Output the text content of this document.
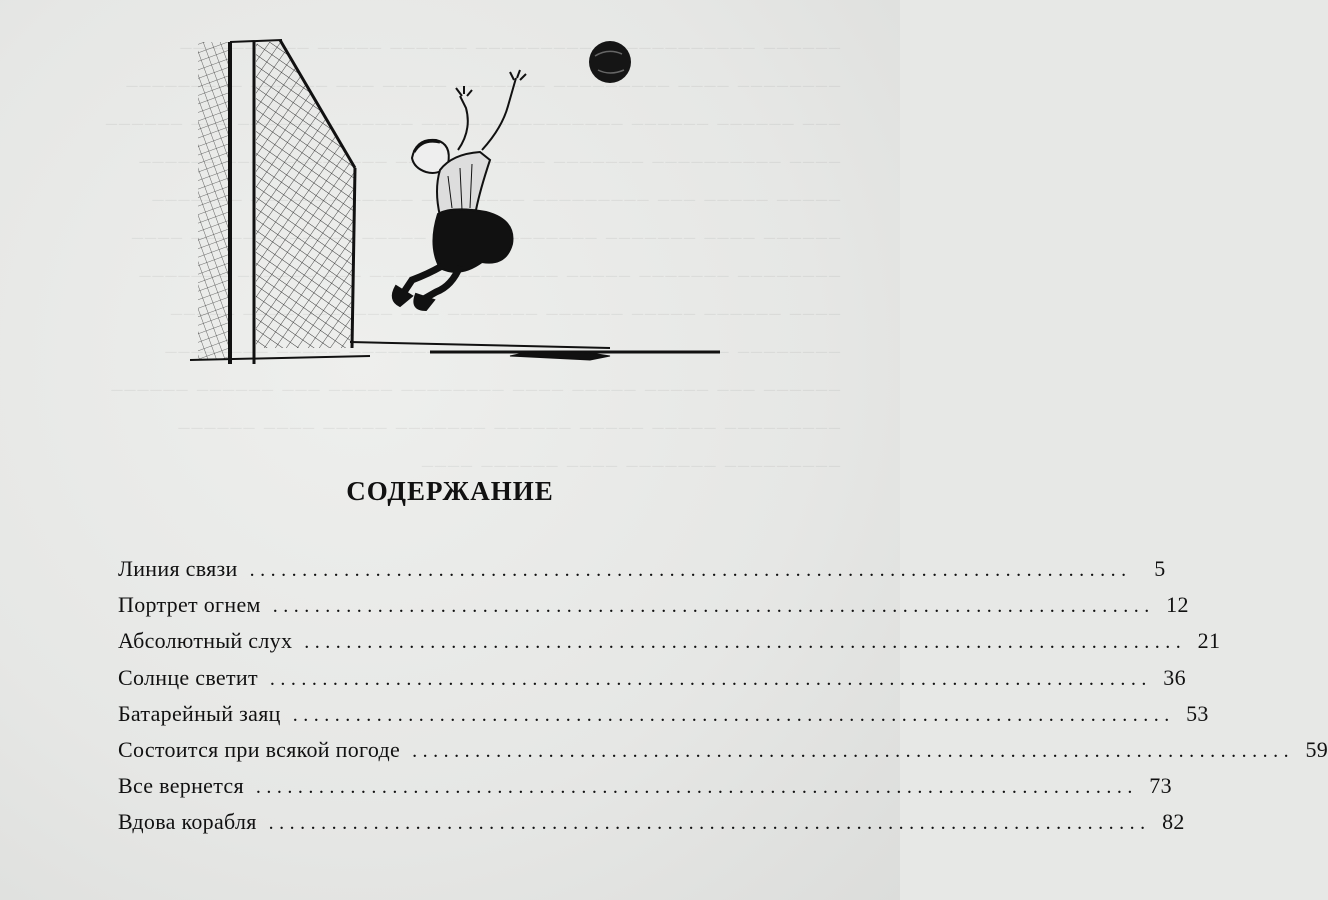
______ ____________ _________ ______ _____ __________ ________ ____  _______ _____ ___  _________ ___ ______ ______ ____________ ___ _______   ______ ____ __________ _______ _____   ____ ______ _____ _____ ___ _________  _____  _______ ______ ____ _______ ________  _____   ____ ________ _______ _____ ________ ______   _______ ____ ______ _____ ______ _______     ________ ____ ______ _____ _____ _______   ______ ___ _____ _____ ____ ________ _____ ___ ______ ______ _________ _____ _____ ______ _______ _____ ____ ______ _________ _______ ____ ______ ____
СОДЕРЖАНИЕ
Линия связи ....................................................................................	5
Портрет огнем .................................................................................... 12
Абсолютный слух .................................................................................... 21
Солнце светит .................................................................................... 36
Батарейный заяц .................................................................................... 53
Состоится при всякой погоде .................................................................................... 59
Все вернется .................................................................................... 73
Вдова корабля .................................................................................... 82
